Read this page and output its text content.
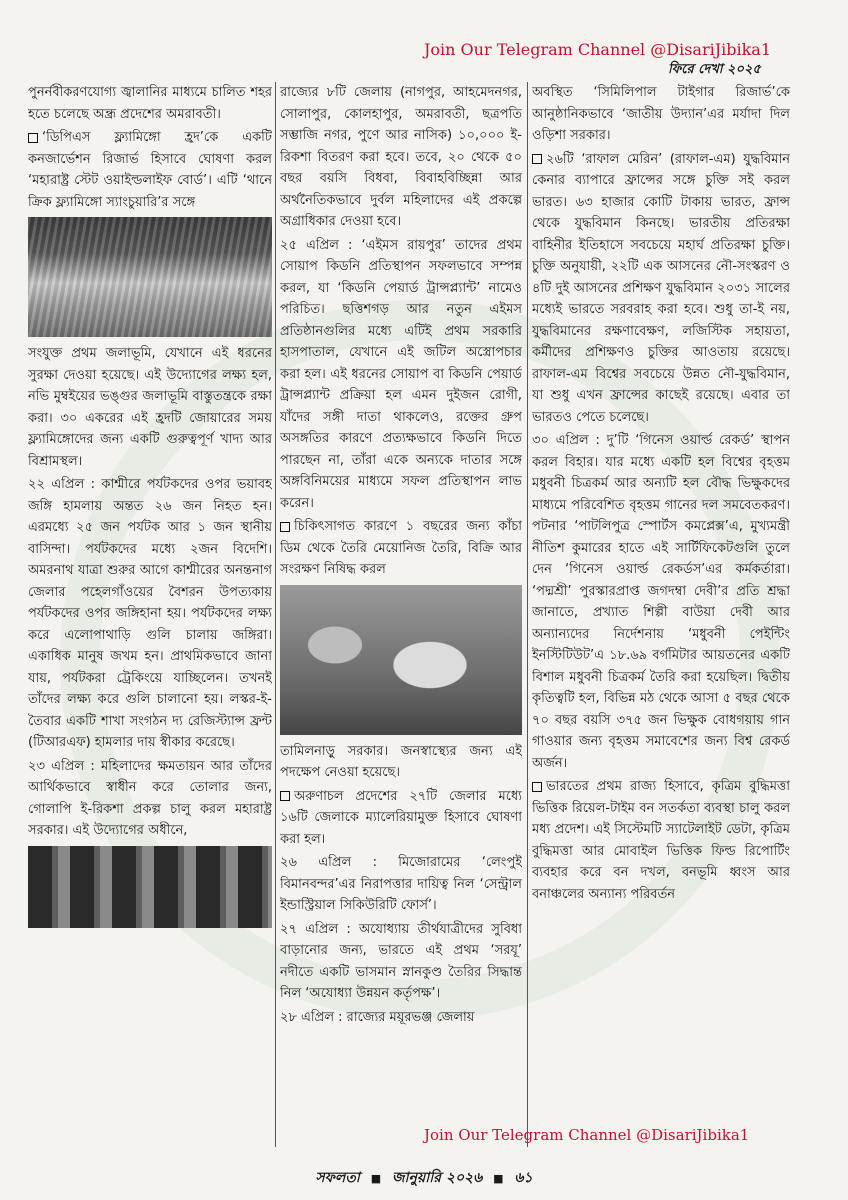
Join Our Telegram Channel @DisariJibika1
ফিরে দেখা ২০২৫

পুনর্নবীকরণযোগ্য জ্বালানির মাধ্যমে চালিত শহর হতে চলেছে অন্ধ্র প্রদেশের অমরাবতী।

‘ডিপিএস ফ্ল্যামিঙ্গো হ্রদ’কে একটি কনজার্ভেশন রিজার্ভ হিসাবে ঘোষণা করল ‘মহারাষ্ট্র স্টেট ওয়াইল্ডলাইফ বোর্ড’। এটি ‘থানে ক্রিক ফ্ল্যামিঙ্গো স্যাংচুয়ারি’র সঙ্গে

সংযুক্ত প্রথম জলাভূমি, যেখানে এই ধরনের সুরক্ষা দেওয়া হয়েছে। এই উদ্যোগের লক্ষ্য হল, নভি মুম্বইয়ের ভঙ্গুর জলাভূমি বাস্তুতন্ত্রকে রক্ষা করা। ৩০ একরের এই হ্রদটি জোয়ারের সময় ফ্ল্যামিঙ্গোদের জন্য একটি গুরুত্বপূর্ণ খাদ্য আর বিশ্রামস্থল।

২২ এপ্রিল : কাশ্মীরে পর্যটকদের ওপর ভয়াবহ জঙ্গি হামলায় অন্তত ২৬ জন নিহত হন। এরমধ্যে ২৫ জন পর্যটক আর ১ জন স্থানীয় বাসিন্দা। পর্যটকদের মধ্যে ২জন বিদেশি। অমরনাথ যাত্রা শুরুর আগে কাশ্মীরের অনন্তনাগ জেলার পহেলগাঁওয়ের বৈশরন উপত্যকায় পর্যটকদের ওপর জঙ্গিহানা হয়। পর্যটকদের লক্ষ্য করে এলোপাথাড়ি গুলি চালায় জঙ্গিরা। একাধিক মানুষ জখম হন। প্রাথমিকভাবে জানা যায়, পর্যটকরা ট্রেকিংয়ে যাচ্ছিলেন। তখনই তাঁদের লক্ষ্য করে গুলি চালানো হয়। লস্কর-ই-তৈবার একটি শাখা সংগঠন দ্য রেজিস্ট্যান্স ফ্রন্ট (টিআরএফ) হামলার দায় স্বীকার করেছে।

২৩ এপ্রিল : মহিলাদের ক্ষমতায়ন আর তাঁদের আর্থিকভাবে স্বাধীন করে তোলার জন্য, গোলাপি ই-রিকশা প্রকল্প চালু করল মহারাষ্ট্র সরকার। এই উদ্যোগের অধীনে,

রাজ্যের ৮টি জেলায় (নাগপুর, আহমেদনগর, সোলাপুর, কোলহাপুর, অমরাবতী, ছত্রপতি সম্ভাজি নগর, পুণে আর নাসিক) ১০,০০০ ই-রিকশা বিতরণ করা হবে। তবে, ২০ থেকে ৫০ বছর বয়সি বিধবা, বিবাহবিচ্ছিন্না আর অর্থনৈতিকভাবে দুর্বল মহিলাদের এই প্রকল্পে অগ্রাধিকার দেওয়া হবে।

২৫ এপ্রিল : ‘এইমস রায়পুর’ তাদের প্রথম সোয়াপ কিডনি প্রতিস্থাপন সফলভাবে সম্পন্ন করল, যা ‘কিডনি পেয়ার্ড ট্রান্সপ্ল্যান্ট’ নামেও পরিচিত। ছত্তিশগড় আর নতুন এইমস প্রতিষ্ঠানগুলির মধ্যে এটিই প্রথম সরকারি হাসপাতাল, যেখানে এই জটিল অস্ত্রোপচার করা হল। এই ধরনের সোয়াপ বা কিডনি পেয়ার্ড ট্রান্সপ্ল্যান্ট প্রক্রিয়া হল এমন দুইজন রোগী, যাঁদের সঙ্গী দাতা থাকলেও, রক্তের গ্রুপ অসঙ্গতির কারণে প্রত্যক্ষভাবে কিডনি দিতে পারছেন না, তাঁরা একে অন্যকে দাতার সঙ্গে অঙ্গবিনিময়ের মাধ্যমে সফল প্রতিস্থাপন লাভ করেন।

চিকিৎসাগত কারণে ১ বছরের জন্য কাঁচা ডিম থেকে তৈরি মেয়োনিজ তৈরি, বিক্রি আর সংরক্ষণ নিষিদ্ধ করল

তামিলনাড়ু সরকার। জনস্বাস্থ্যের জন্য এই পদক্ষেপ নেওয়া হয়েছে।

অরুণাচল প্রদেশের ২৭টি জেলার মধ্যে ১৬টি জেলাকে ম্যালেরিয়ামুক্ত হিসাবে ঘোষণা করা হল।

২৬ এপ্রিল : মিজোরামের ‘লেংপুই বিমানবন্দর’এর নিরাপত্তার দায়িত্ব নিল ‘সেন্ট্রাল ইন্ডাস্ট্রিয়াল সিকিউরিটি ফোর্স’।

২৭ এপ্রিল : অযোধ্যায় তীর্থযাত্রীদের সুবিধা বাড়ানোর জন্য, ভারতে এই প্রথম ‘সরযূ’ নদীতে একটি ভাসমান স্নানকুণ্ড তৈরির সিদ্ধান্ত নিল ‘অযোধ্যা উন্নয়ন কর্তৃপক্ষ’।

২৮ এপ্রিল : রাজ্যের ময়ূরভঞ্জ জেলায়

অবস্থিত ‘সিমিলিপাল টাইগার রিজার্ভ’কে আনুষ্ঠানিকভাবে ‘জাতীয় উদ্যান’এর মর্যাদা দিল ওড়িশা সরকার।

২৬টি ‘রাফাল মেরিন’ (রাফাল-এম) যুদ্ধবিমান কেনার ব্যাপারে ফ্রান্সের সঙ্গে চুক্তি সই করল ভারত। ৬৩ হাজার কোটি টাকায় ভারত, ফ্রান্স থেকে যুদ্ধবিমান কিনছে। ভারতীয় প্রতিরক্ষা বাহিনীর ইতিহাসে সবচেয়ে মহার্ঘ প্রতিরক্ষা চুক্তি। চুক্তি অনুযায়ী, ২২টি এক আসনের নৌ-সংস্করণ ও ৪টি দুই আসনের প্রশিক্ষণ যুদ্ধবিমান ২০৩১ সালের মধ্যেই ভারতে সরবরাহ করা হবে। শুধু তা-ই নয়, যুদ্ধবিমানের রক্ষণাবেক্ষণ, লজিস্টিক সহায়তা, কর্মীদের প্রশিক্ষণও চুক্তির আওতায় রয়েছে। রাফাল-এম বিশ্বের সবচেয়ে উন্নত নৌ-যুদ্ধবিমান, যা শুধু এখন ফ্রান্সের কাছেই রয়েছে। এবার তা ভারতও পেতে চলেছে।

৩০ এপ্রিল : দু’টি ‘গিনেস ওয়ার্ল্ড রেকর্ড’ স্থাপন করল বিহার। যার মধ্যে একটি হল বিশ্বের বৃহত্তম মধুবনী চিত্রকর্ম আর অন্যটি হল বৌদ্ধ ভিক্ষুকদের মাধ্যমে পরিবেশিত বৃহত্তম গানের দল সমবেতকরণ। পটনার ‘পাটলিপুত্র স্পোর্টস কমপ্লেক্স’এ, মুখ্যমন্ত্রী নীতিশ কুমারের হাতে এই সার্টিফিকেটগুলি তুলে দেন ‘গিনেস ওয়ার্ল্ড রেকর্ডস’এর কর্মকর্তারা। ‘পদ্মশ্রী’ পুরস্কারপ্রাপ্ত জগদম্বা দেবী’র প্রতি শ্রদ্ধা জানাতে, প্রখ্যাত শিল্পী বাউয়া দেবী আর অন্যান্যদের নির্দেশনায় ‘মধুবনী পেইন্টিং ইনস্টিটিউট’এ ১৮.৬৯ বর্গমিটার আয়তনের একটি বিশাল মধুবনী চিত্রকর্ম তৈরি করা হয়েছিল। দ্বিতীয় কৃতিত্বটি হল, বিভিন্ন মঠ থেকে আসা ৫ বছর থেকে ৭০ বছর বয়সি ৩৭৫ জন ভিক্ষুক বোধগয়ায় গান গাওয়ার জন্য বৃহত্তম সমাবেশের জন্য বিশ্ব রেকর্ড অর্জন।

ভারতের প্রথম রাজ্য হিসাবে, কৃত্রিম বুদ্ধিমত্তা ভিত্তিক রিয়েল-টাইম বন সতর্কতা ব্যবস্থা চালু করল মধ্য প্রদেশ। এই সিস্টেমটি স্যাটেলাইট ডেটা, কৃত্রিম বুদ্ধিমত্তা আর মোবাইল ভিত্তিক ফিল্ড রিপোর্টিং ব্যবহার করে বন দখল, বনভূমি ধ্বংস আর বনাঞ্চলের অন্যান্য পরিবর্তন

Join Our Telegram Channel @DisariJibika1
সফলতা ■ জানুয়ারি ২০২৬ ■ ৬১
